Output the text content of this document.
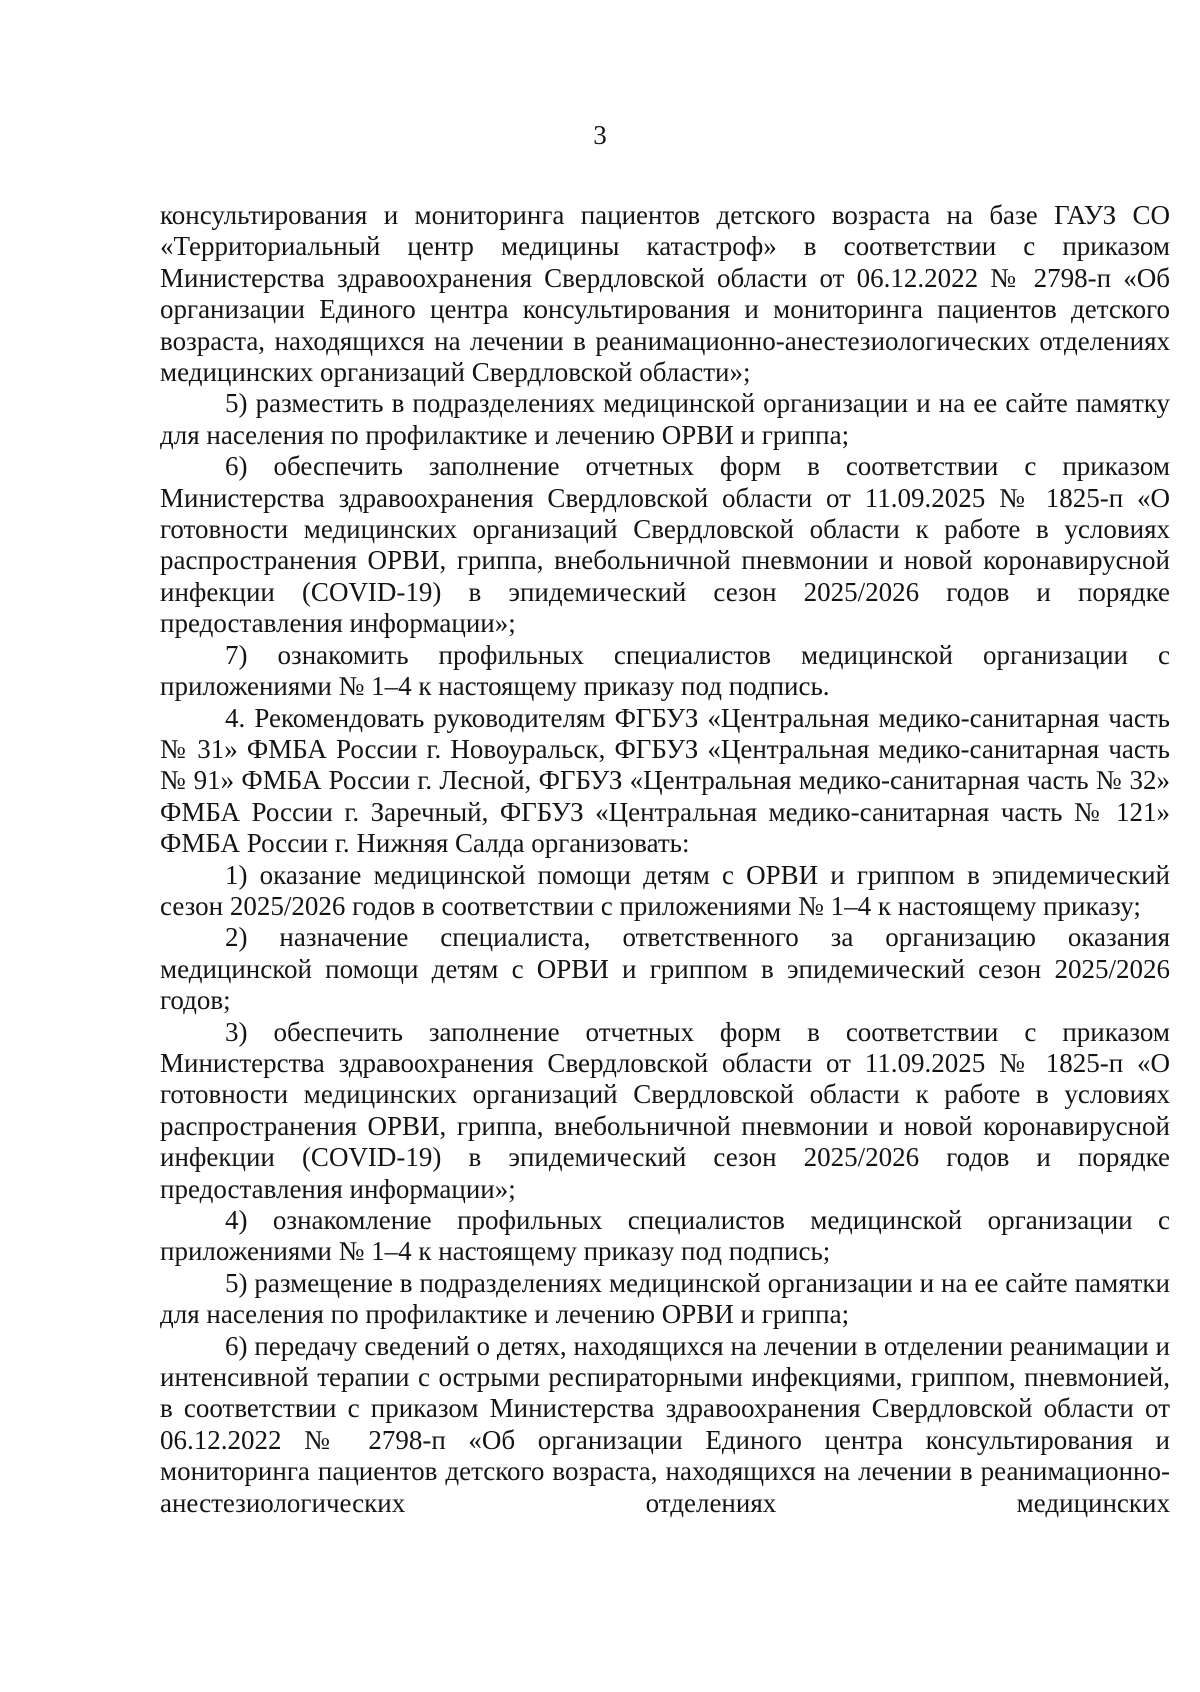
3

консультирования и мониторинга пациентов детского возраста на базе ГАУЗ СО «Территориальный центр медицины катастроф» в соответствии с приказом Министерства здравоохранения Свердловской области от 06.12.2022 № 2798-п «Об организации Единого центра консультирования и мониторинга пациентов детского возраста, находящихся на лечении в реанимационно-анестезиологических отделениях медицинских организаций Свердловской области»;

5) разместить в подразделениях медицинской организации и на ее сайте памятку для населения по профилактике и лечению ОРВИ и гриппа;

6) обеспечить заполнение отчетных форм в соответствии с приказом Министерства здравоохранения Свердловской области от 11.09.2025 № 1825-п «О готовности медицинских организаций Свердловской области к работе в условиях распространения ОРВИ, гриппа, внебольничной пневмонии и новой коронавирусной инфекции (COVID-19) в эпидемический сезон 2025/2026 годов и порядке предоставления информации»;

7) ознакомить профильных специалистов медицинской организации с приложениями № 1–4 к настоящему приказу под подпись.

4. Рекомендовать руководителям ФГБУЗ «Центральная медико-санитарная часть № 31» ФМБА России г. Новоуральск, ФГБУЗ «Центральная медико-санитарная часть № 91» ФМБА России г. Лесной, ФГБУЗ «Центральная медико-санитарная часть № 32» ФМБА России г. Заречный, ФГБУЗ «Центральная медико-санитарная часть № 121» ФМБА России г. Нижняя Салда организовать:

1) оказание медицинской помощи детям с ОРВИ и гриппом в эпидемический сезон 2025/2026 годов в соответствии с приложениями № 1–4 к настоящему приказу;

2) назначение специалиста, ответственного за организацию оказания медицинской помощи детям с ОРВИ и гриппом в эпидемический сезон 2025/2026 годов;

3) обеспечить заполнение отчетных форм в соответствии с приказом Министерства здравоохранения Свердловской области от 11.09.2025 № 1825-п «О готовности медицинских организаций Свердловской области к работе в условиях распространения ОРВИ, гриппа, внебольничной пневмонии и новой коронавирусной инфекции (COVID-19) в эпидемический сезон 2025/2026 годов и порядке предоставления информации»;

4) ознакомление профильных специалистов медицинской организации с приложениями № 1–4 к настоящему приказу под подпись;

5) размещение в подразделениях медицинской организации и на ее сайте памятки для населения по профилактике и лечению ОРВИ и гриппа;

6) передачу сведений о детях, находящихся на лечении в отделении реанимации и интенсивной терапии с острыми респираторными инфекциями, гриппом, пневмонией, в соответствии с приказом Министерства здравоохранения Свердловской области от 06.12.2022 № 2798-п «Об организации Единого центра консультирования и мониторинга пациентов детского возраста, находящихся на лечении в реанимационно-анестезиологических отделениях медицинских
